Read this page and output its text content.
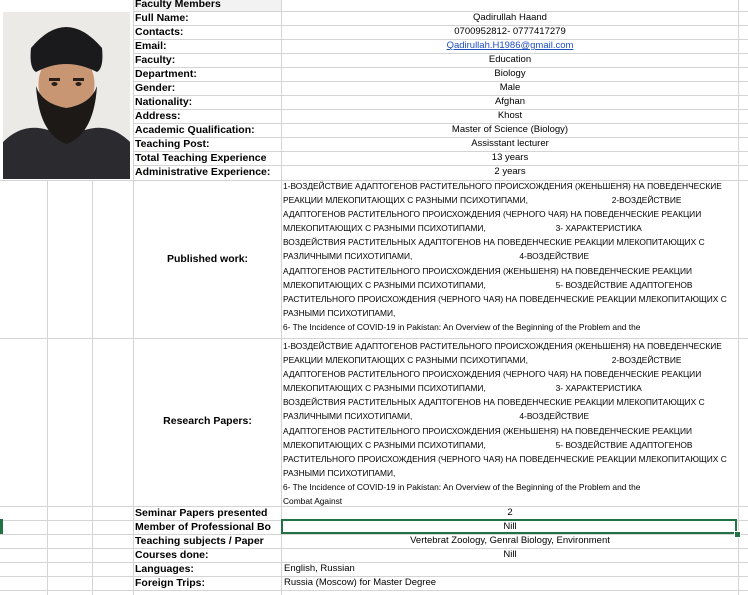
Faculty Members
Full Name:	Qadirullah Haand
Contacts:	0700952812- 0777417279
Email:	Qadirullah.H1986@gmail.com
Faculty:	Education
Department:	Biology
Gender:	Male
Nationality:	Afghan
Address:	Khost
Academic Qualification:	Master of Science (Biology)
Teaching Post:	Assisstant lecturer
Total Teaching Experience	13 years
Administrative Experience:	2 years
Published work:
1-ВОЗДЕЙСТВИЕ АДАПТОГЕНОВ РАСТИТЕЛЬНОГО ПРОИСХОЖДЕНИЯ (ЖЕНЬШЕНЯ) НА ПОВЕДЕНЧЕСКИЕ
РЕАКЦИИ МЛЕКОПИТАЮЩИХ С РАЗНЫМИ ПСИХОТИПАМИ,                                    2-ВОЗДЕЙСТВИЕ
АДАПТОГЕНОВ РАСТИТЕЛЬНОГО ПРОИСХОЖДЕНИЯ (ЧЕРНОГО ЧАЯ) НА ПОВЕДЕНЧЕСКИЕ РЕАКЦИИ
МЛЕКОПИТАЮЩИХ С РАЗНЫМИ ПСИХОТИПАМИ,                              3- ХАРАКТЕРИСТИКА
ВОЗДЕЙСТВИЯ РАСТИТЕЛЬНЫХ АДАПТОГЕНОВ НА ПОВЕДЕНЧЕСКИЕ РЕАКЦИИ МЛЕКОПИТАЮЩИХ С
РАЗЛИЧНЫМИ ПСИХОТИПАМИ,                                              4-ВОЗДЕЙСТВИЕ
АДАПТОГЕНОВ РАСТИТЕЛЬНОГО ПРОИСХОЖДЕНИЯ (ЖЕНЬШЕНЯ) НА ПОВЕДЕНЧЕСКИЕ РЕАКЦИИ
МЛЕКОПИТАЮЩИХ С РАЗНЫМИ ПСИХОТИПАМИ,                              5- ВОЗДЕЙСТВИЕ АДАПТОГЕНОВ
РАСТИТЕЛЬНОГО ПРОИСХОЖДЕНИЯ (ЧЕРНОГО ЧАЯ) НА ПОВЕДЕНЧЕСКИЕ РЕАКЦИИ МЛЕКОПИТАЮЩИХ С
РАЗНЫМИ ПСИХОТИПАМИ,
6- The Incidence of COVID-19 in Pakistan: An Overview of the Beginning of the Problem and the
Research Papers:
1-ВОЗДЕЙСТВИЕ АДАПТОГЕНОВ РАСТИТЕЛЬНОГО ПРОИСХОЖДЕНИЯ (ЖЕНЬШЕНЯ) НА ПОВЕДЕНЧЕСКИЕ
РЕАКЦИИ МЛЕКОПИТАЮЩИХ С РАЗНЫМИ ПСИХОТИПАМИ,                                    2-ВОЗДЕЙСТВИЕ
АДАПТОГЕНОВ РАСТИТЕЛЬНОГО ПРОИСХОЖДЕНИЯ (ЧЕРНОГО ЧАЯ) НА ПОВЕДЕНЧЕСКИЕ РЕАКЦИИ
МЛЕКОПИТАЮЩИХ С РАЗНЫМИ ПСИХОТИПАМИ,                              3- ХАРАКТЕРИСТИКА
ВОЗДЕЙСТВИЯ РАСТИТЕЛЬНЫХ АДАПТОГЕНОВ НА ПОВЕДЕНЧЕСКИЕ РЕАКЦИИ МЛЕКОПИТАЮЩИХ С
РАЗЛИЧНЫМИ ПСИХОТИПАМИ,                                              4-ВОЗДЕЙСТВИЕ
АДАПТОГЕНОВ РАСТИТЕЛЬНОГО ПРОИСХОЖДЕНИЯ (ЖЕНЬШЕНЯ) НА ПОВЕДЕНЧЕСКИЕ РЕАКЦИИ
МЛЕКОПИТАЮЩИХ С РАЗНЫМИ ПСИХОТИПАМИ,                              5- ВОЗДЕЙСТВИЕ АДАПТОГЕНОВ
РАСТИТЕЛЬНОГО ПРОИСХОЖДЕНИЯ (ЧЕРНОГО ЧАЯ) НА ПОВЕДЕНЧЕСКИЕ РЕАКЦИИ МЛЕКОПИТАЮЩИХ С
РАЗНЫМИ ПСИХОТИПАМИ,
6- The Incidence of COVID-19 in Pakistan: An Overview of the Beginning of the Problem and the
Combat Against
Seminar Papers presented	2
Member of Professional Bo	Nill
Teaching subjects / Paper	Vertebrat Zoology, Genral Biology, Environment
Courses done:	Nill
Languages:	English, Russian
Foreign Trips:	Russia (Moscow) for Master Degree
